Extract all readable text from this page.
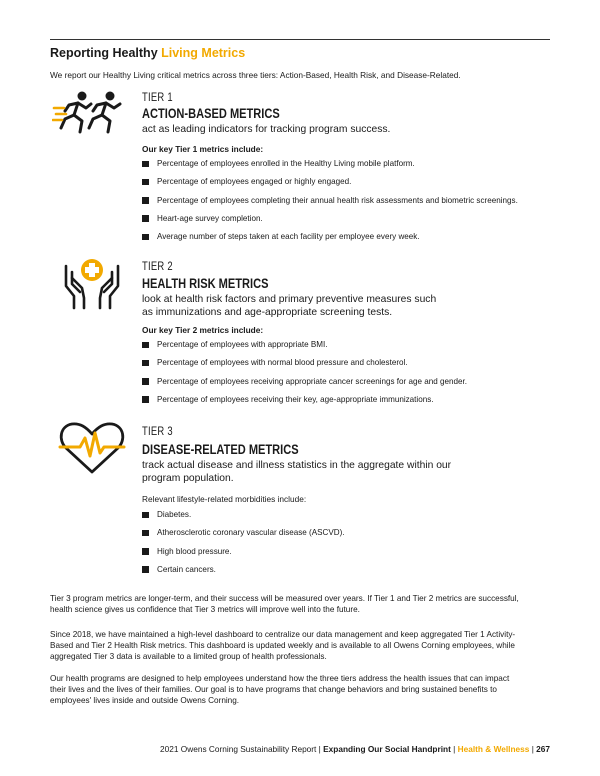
Reporting Healthy Living Metrics
We report our Healthy Living critical metrics across three tiers: Action-Based, Health Risk, and Disease-Related.
TIER 1
ACTION-BASED METRICS
act as leading indicators for tracking program success.
Our key Tier 1 metrics include:
Percentage of employees enrolled in the Healthy Living mobile platform.
Percentage of employees engaged or highly engaged.
Percentage of employees completing their annual health risk assessments and biometric screenings.
Heart-age survey completion.
Average number of steps taken at each facility per employee every week.
TIER 2
HEALTH RISK METRICS
look at health risk factors and primary preventive measures such
as immunizations and age-appropriate screening tests.
Our key Tier 2 metrics include:
Percentage of employees with appropriate BMI.
Percentage of employees with normal blood pressure and cholesterol.
Percentage of employees receiving appropriate cancer screenings for age and gender.
Percentage of employees receiving their key, age-appropriate immunizations.
TIER 3
DISEASE-RELATED METRICS
track actual disease and illness statistics in the aggregate within our
program population.
Relevant lifestyle-related morbidities include:
Diabetes.
Atherosclerotic coronary vascular disease (ASCVD).
High blood pressure.
Certain cancers.
Tier 3 program metrics are longer-term, and their success will be measured over years. If Tier 1 and Tier 2 metrics are successful,
health science gives us confidence that Tier 3 metrics will improve well into the future.
Since 2018, we have maintained a high-level dashboard to centralize our data management and keep aggregated Tier 1 Activity-
Based and Tier 2 Health Risk metrics. This dashboard is updated weekly and is available to all Owens Corning employees, while
aggregated Tier 3 data is available to a limited group of health professionals.
Our health programs are designed to help employees understand how the three tiers address the health issues that can impact
their lives and the lives of their families. Our goal is to have programs that change behaviors and bring sustained benefits to
employees' lives inside and outside Owens Corning.
2021 Owens Corning Sustainability Report | Expanding Our Social Handprint | Health & Wellness | 267
